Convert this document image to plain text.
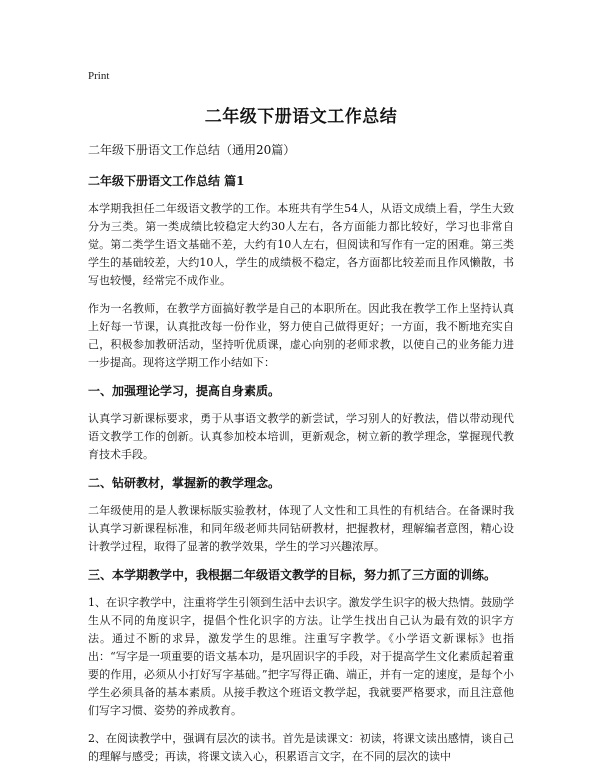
Print
二年级下册语文工作总结
二年级下册语文工作总结（通用20篇）
二年级下册语文工作总结 篇1

本学期我担任二年级语文教学的工作。本班共有学生54人，从语文成绩上看，学生大致分为三类。第一类成绩比较稳定大约30人左右，各方面能力都比较好，学习也非常自觉。第二类学生语文基础不差，大约有10人左右，但阅读和写作有一定的困难。第三类学生的基础较差，大约10人，学生的成绩极不稳定，各方面都比较差而且作风懒散，书写也较慢，经常完不成作业。

作为一名教师，在教学方面搞好教学是自己的本职所在。因此我在教学工作上坚持认真上好每一节课，认真批改每一份作业，努力使自己做得更好；一方面，我不断地充实自己，积极参加教研活动，坚持听优质课，虚心向别的老师求教，以使自己的业务能力进一步提高。现将这学期工作小结如下：

一、加强理论学习，提高自身素质。

认真学习新课标要求，勇于从事语文教学的新尝试，学习别人的好教法，借以带动现代语文教学工作的创新。认真参加校本培训，更新观念，树立新的教学理念，掌握现代教育技术手段。

二、钻研教材，掌握新的教学理念。

二年级使用的是人教课标版实验教材，体现了人文性和工具性的有机结合。在备课时我认真学习新课程标准，和同年级老师共同钻研教材，把握教材，理解编者意图，精心设计教学过程，取得了显著的教学效果，学生的学习兴趣浓厚。

三、本学期教学中，我根据二年级语文教学的目标，努力抓了三方面的训练。

1、在识字教学中，注重将学生引领到生活中去识字。激发学生识字的极大热情。鼓励学生从不同的角度识字，提倡个性化识字的方法。让学生找出自己认为最有效的识字方法。通过不断的求异，激发学生的思维。注重写字教学。《小学语文新课标》也指出：“写字是一项重要的语文基本功，是巩固识字的手段，对于提高学生文化素质起着重要的作用，必须从小打好写字基础。”把字写得正确、端正，并有一定的速度，是每个小学生必须具备的基本素质。从接手教这个班语文教学起，我就要严格要求，而且注意他们写字习惯、姿势的养成教育。

2、在阅读教学中，强调有层次的读书。首先是读课文：初读，将课文读出感情，谈自己的理解与感受；再读，将课文读入心，积累语言文字，在不同的层次的读中
